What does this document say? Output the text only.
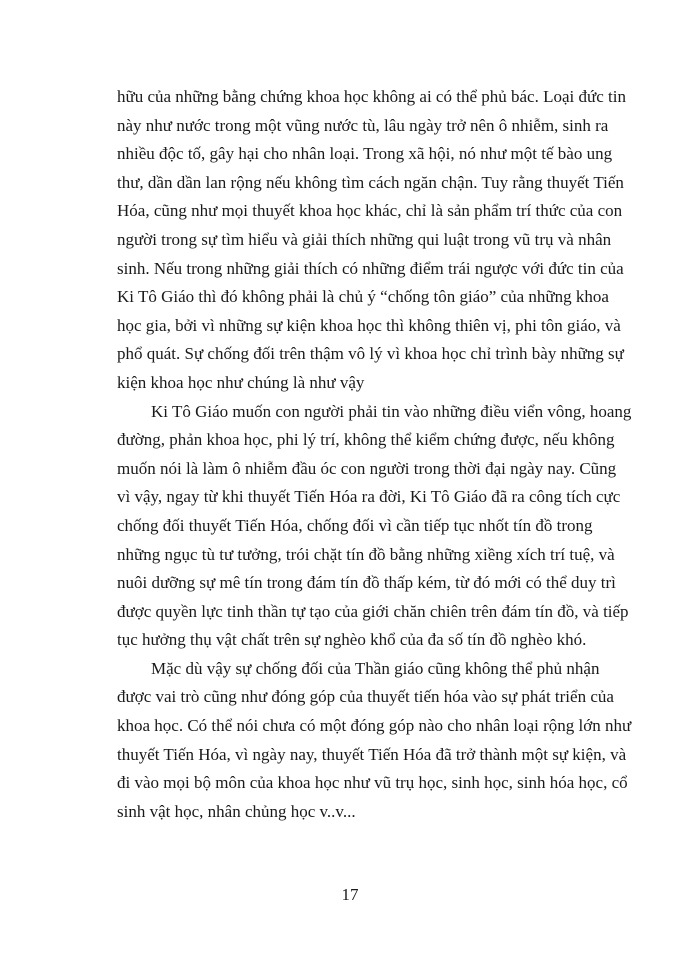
hữu của những bằng chứng khoa học không ai có thể phủ bác. Loại đức tin
này như nước trong một vũng nước tù, lâu ngày trở nên ô nhiễm, sinh ra
nhiều độc tố, gây hại cho nhân loại. Trong xã hội, nó như một tế bào ung
thư, dần dần lan rộng nếu không tìm cách ngăn chận. Tuy rằng thuyết Tiến
Hóa, cũng như mọi thuyết khoa học khác, chỉ là sản phẩm trí thức của con
người trong sự tìm hiểu và giải thích những qui luật trong vũ trụ và nhân
sinh. Nếu trong những giải thích có những điểm trái ngược với đức tin của
Ki Tô Giáo thì đó không phải là chủ ý “chống tôn giáo” của những khoa
học gia, bởi vì những sự kiện khoa học thì không thiên vị, phi tôn giáo, và
phổ quát. Sự chống đối trên thậm vô lý vì khoa học chỉ trình bày những sự
kiện khoa học như chúng là như vậy

Ki Tô Giáo muốn con người phải tin vào những điều viển vông, hoang
đường, phản khoa học, phi lý trí, không thể kiểm chứng được, nếu không
muốn nói là làm ô nhiễm đầu óc con người trong thời đại ngày nay. Cũng
vì vậy, ngay từ khi thuyết Tiến Hóa ra đời, Ki Tô Giáo đã ra công tích cực
chống đối thuyết Tiến Hóa, chống đối vì cần tiếp tục nhốt tín đồ trong
những ngục tù tư tưởng, trói chặt tín đồ bằng những xiềng xích trí tuệ, và
nuôi dưỡng sự mê tín trong đám tín đồ thấp kém, từ đó mới có thể duy trì
được quyền lực tinh thần tự tạo của giới chăn chiên trên đám tín đồ, và tiếp
tục hưởng thụ vật chất trên sự nghèo khổ của đa số tín đồ nghèo khó.

Mặc dù vậy sự chống đối của Thần giáo cũng không thể phủ nhận
được vai trò cũng như đóng góp của thuyết tiến hóa vào sự phát triển của
khoa học. Có thể nói chưa có một đóng góp nào cho nhân loại rộng lớn như
thuyết Tiến Hóa, vì ngày nay, thuyết Tiến Hóa đã trở thành một sự kiện, và
đi vào mọi bộ môn của khoa học như vũ trụ học, sinh học, sinh hóa học, cổ
sinh vật học, nhân chủng học v..v...

17
